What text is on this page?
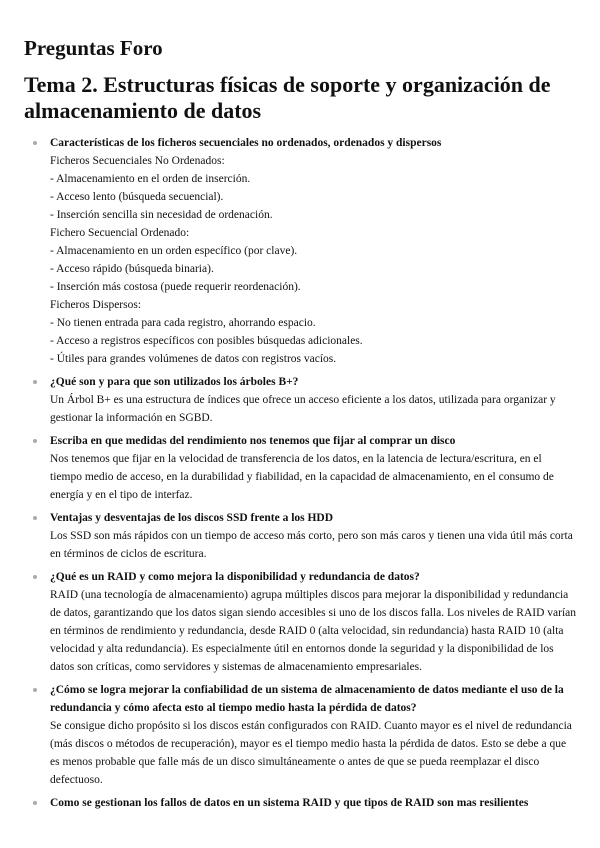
Preguntas Foro
Tema 2. Estructuras físicas de soporte y organización de almacenamiento de datos

Características de los ficheros secuenciales no ordenados, ordenados y dispersos

Ficheros Secuenciales No Ordenados:
- Almacenamiento en el orden de inserción.
- Acceso lento (búsqueda secuencial).
- Inserción sencilla sin necesidad de ordenación.
Fichero Secuencial Ordenado:
- Almacenamiento en un orden específico (por clave).
- Acceso rápido (búsqueda binaria).
- Inserción más costosa (puede requerir reordenación).
Ficheros Dispersos:
- No tienen entrada para cada registro, ahorrando espacio.
- Acceso a registros específicos con posibles búsquedas adicionales.
- Útiles para grandes volúmenes de datos con registros vacíos.

¿Qué son y para que son utilizados los árboles B+?

Un Árbol B+ es una estructura de índices que ofrece un acceso eficiente a los datos, utilizada para organizar y gestionar la información en SGBD.

Escriba en que medidas del rendimiento nos tenemos que fijar al comprar un disco

Nos tenemos que fijar en la velocidad de transferencia de los datos, en la latencia de lectura/escritura, en el tiempo medio de acceso, en la durabilidad y fiabilidad, en la capacidad de almacenamiento, en el consumo de energía y en el tipo de interfaz.

Ventajas y desventajas de los discos SSD frente a los HDD

Los SSD son más rápidos con un tiempo de acceso más corto, pero son más caros y tienen una vida útil más corta en términos de ciclos de escritura.

¿Qué es un RAID y como mejora la disponibilidad y redundancia de datos?

RAID (una tecnología de almacenamiento) agrupa múltiples discos para mejorar la disponibilidad y redundancia de datos, garantizando que los datos sigan siendo accesibles si uno de los discos falla. Los niveles de RAID varían en términos de rendimiento y redundancia, desde RAID 0 (alta velocidad, sin redundancia) hasta RAID 10 (alta velocidad y alta redundancia). Es especialmente útil en entornos donde la seguridad y la disponibilidad de los datos son críticas, como servidores y sistemas de almacenamiento empresariales.

¿Cómo se logra mejorar la confiabilidad de un sistema de almacenamiento de datos mediante el uso de la redundancia y cómo afecta esto al tiempo medio hasta la pérdida de datos?

Se consigue dicho propósito si los discos están configurados con RAID. Cuanto mayor es el nivel de redundancia (más discos o métodos de recuperación), mayor es el tiempo medio hasta la pérdida de datos. Esto se debe a que es menos probable que falle más de un disco simultáneamente o antes de que se pueda reemplazar el disco defectuoso.

Como se gestionan los fallos de datos en un sistema RAID y que tipos de RAID son mas resilientes
